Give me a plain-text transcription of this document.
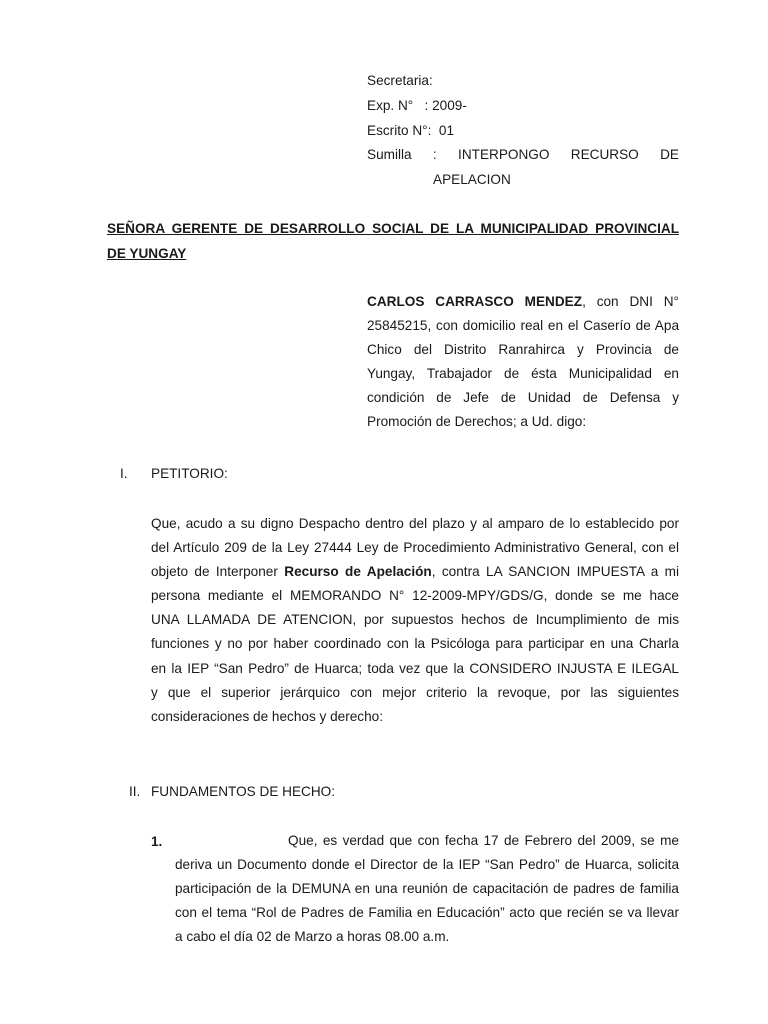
Secretaria:
Exp. N°   : 2009-
Escrito N°:  01
Sumilla : INTERPONGO RECURSO DE
APELACION
SEÑORA GERENTE DE DESARROLLO SOCIAL DE LA MUNICIPALIDAD PROVINCIAL
DE YUNGAY
CARLOS CARRASCO MENDEZ, con DNI N°
25845215, con domicilio real en el Caserío de Apa
Chico del Distrito Ranrahirca y Provincia de
Yungay, Trabajador de ésta Municipalidad en
condición de Jefe de Unidad de Defensa y
Promoción de Derechos; a Ud. digo:
I. PETITORIO:
Que, acudo a su digno Despacho dentro del plazo y al amparo de lo establecido por
del Artículo 209 de la Ley 27444 Ley de Procedimiento Administrativo General, con el
objeto de Interponer Recurso de Apelación, contra LA SANCION IMPUESTA a mi
persona mediante el MEMORANDO N° 12-2009-MPY/GDS/G, donde se me hace
UNA LLAMADA DE ATENCION, por supuestos hechos de Incumplimiento de mis
funciones y no por haber coordinado con la Psicóloga para participar en una Charla
en la IEP “San Pedro” de Huarca; toda vez que la CONSIDERO INJUSTA E ILEGAL
y que el superior jerárquico con mejor criterio la revoque, por las siguientes
consideraciones de hechos y derecho:
II. FUNDAMENTOS DE HECHO:
1.	Que, es verdad que con fecha 17 de Febrero del 2009, se me
deriva un Documento donde el Director de la IEP “San Pedro” de Huarca, solicita
participación de la DEMUNA en una reunión de capacitación de padres de familia
con el tema “Rol de Padres de Familia en Educación” acto que recién se va llevar
a cabo el día 02 de Marzo a horas 08.00 a.m.
